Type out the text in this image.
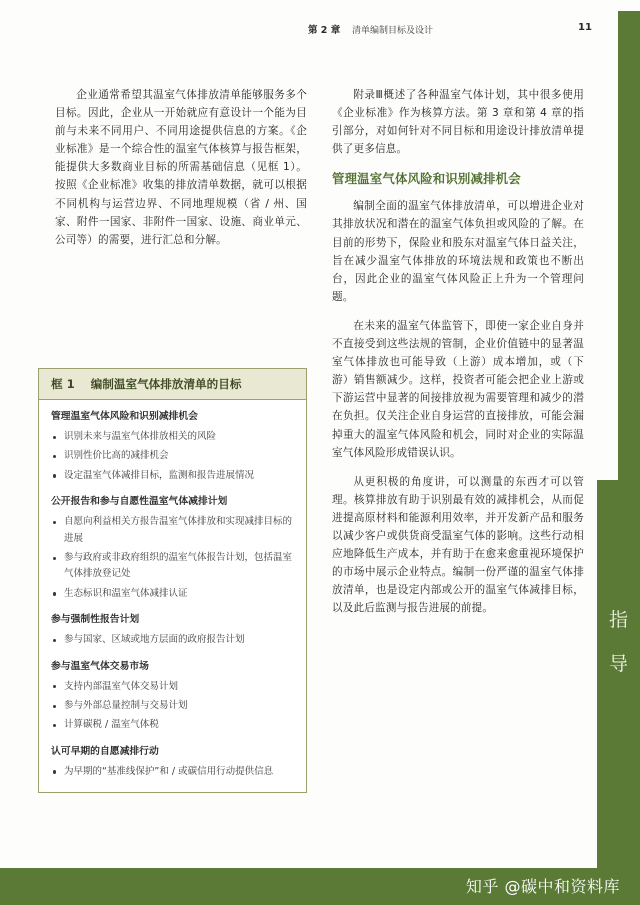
指
导
第 2 章 清单编制目标及设计	11

企业通常希望其温室气体排放清单能够服务多个目标。因此，企业从一开始就应有意设计一个能为目前与未来不同用户、不同用途提供信息的方案。《企业标准》是一个综合性的温室气体核算与报告框架，能提供大多数商业目标的所需基础信息（见框 1）。按照《企业标准》收集的排放清单数据，就可以根据不同机构与运营边界、不同地理规模（省 / 州、国家、附件一国家、非附件一国家、设施、商业单元、公司等）的需要，进行汇总和分解。

框 1 编制温室气体排放清单的目标
管理温室气体风险和识别减排机会
识别未来与温室气体排放相关的风险
识别性价比高的减排机会
设定温室气体减排目标，监测和报告进展情况
公开报告和参与自愿性温室气体减排计划
自愿向利益相关方报告温室气体排放和实现减排目标的进展
参与政府或非政府组织的温室气体报告计划，包括温室气体排放登记处
生态标识和温室气体减排认证
参与强制性报告计划
参与国家、区域或地方层面的政府报告计划
参与温室气体交易市场
支持内部温室气体交易计划
参与外部总量控制与交易计划
计算碳税 / 温室气体税
认可早期的自愿减排行动
为早期的“基准线保护”和 / 或碳信用行动提供信息

附录Ⅲ概述了各种温室气体计划，其中很多使用《企业标准》作为核算方法。第 3 章和第 4 章的指引部分，对如何针对不同目标和用途设计排放清单提供了更多信息。

管理温室气体风险和识别减排机会

编制全面的温室气体排放清单，可以增进企业对其排放状况和潜在的温室气体负担或风险的了解。在目前的形势下，保险业和股东对温室气体日益关注，旨在减少温室气体排放的环境法规和政策也不断出台，因此企业的温室气体风险正上升为一个管理问题。

在未来的温室气体监管下，即使一家企业自身并不直接受到这些法规的管制，企业价值链中的显著温室气体排放也可能导致（上游）成本增加，或（下游）销售额减少。这样，投资者可能会把企业上游或下游运营中显著的间接排放视为需要管理和减少的潜在负担。仅关注企业自身运营的直接排放，可能会漏掉重大的温室气体风险和机会，同时对企业的实际温室气体风险形成错误认识。

从更积极的角度讲，可以测量的东西才可以管理。核算排放有助于识别最有效的减排机会，从而促进提高原材料和能源利用效率，并开发新产品和服务以减少客户或供货商受温室气体的影响。这些行动相应地降低生产成本，并有助于在愈来愈重视环境保护的市场中展示企业特点。编制一份严谨的温室气体排放清单，也是设定内部或公开的温室气体减排目标，以及此后监测与报告进展的前提。

知乎 @碳中和资料库
